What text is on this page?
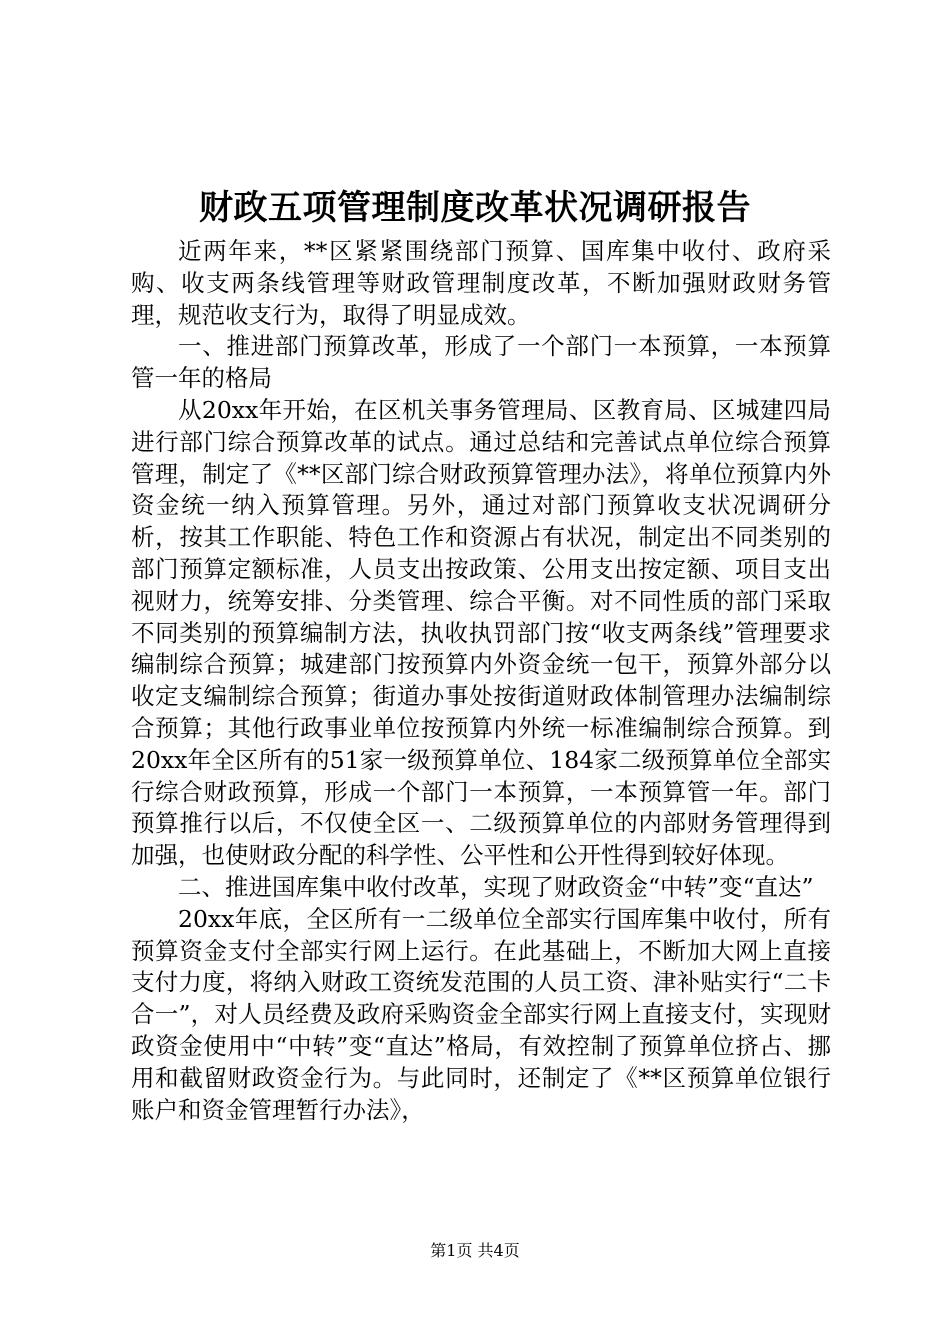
财政五项管理制度改革状况调研报告

近两年来，**区紧紧围绕部门预算、国库集中收付、政府采购、收支两条线管理等财政管理制度改革，不断加强财政财务管理，规范收支行为，取得了明显成效。

一、推进部门预算改革，形成了一个部门一本预算，一本预算管一年的格局

从20xx年开始，在区机关事务管理局、区教育局、区城建四局进行部门综合预算改革的试点。通过总结和完善试点单位综合预算管理，制定了《**区部门综合财政预算管理办法》，将单位预算内外资金统一纳入预算管理。另外，通过对部门预算收支状况调研分析，按其工作职能、特色工作和资源占有状况，制定出不同类别的部门预算定额标准，人员支出按政策、公用支出按定额、项目支出视财力，统筹安排、分类管理、综合平衡。对不同性质的部门采取不同类别的预算编制方法，执收执罚部门按“收支两条线”管理要求编制综合预算；城建部门按预算内外资金统一包干，预算外部分以收定支编制综合预算；街道办事处按街道财政体制管理办法编制综合预算；其他行政事业单位按预算内外统一标准编制综合预算。到20xx年全区所有的51家一级预算单位、184家二级预算单位全部实行综合财政预算，形成一个部门一本预算，一本预算管一年。部门预算推行以后，不仅使全区一、二级预算单位的内部财务管理得到加强，也使财政分配的科学性、公平性和公开性得到较好体现。

二、推进国库集中收付改革，实现了财政资金“中转”变“直达”

20xx年底，全区所有一二级单位全部实行国库集中收付，所有预算资金支付全部实行网上运行。在此基础上，不断加大网上直接支付力度，将纳入财政工资统发范围的人员工资、津补贴实行“二卡合一”，对人员经费及政府采购资金全部实行网上直接支付，实现财政资金使用中“中转”变“直达”格局，有效控制了预算单位挤占、挪用和截留财政资金行为。与此同时，还制定了《**区预算单位银行账户和资金管理暂行办法》，

第1页 共4页
